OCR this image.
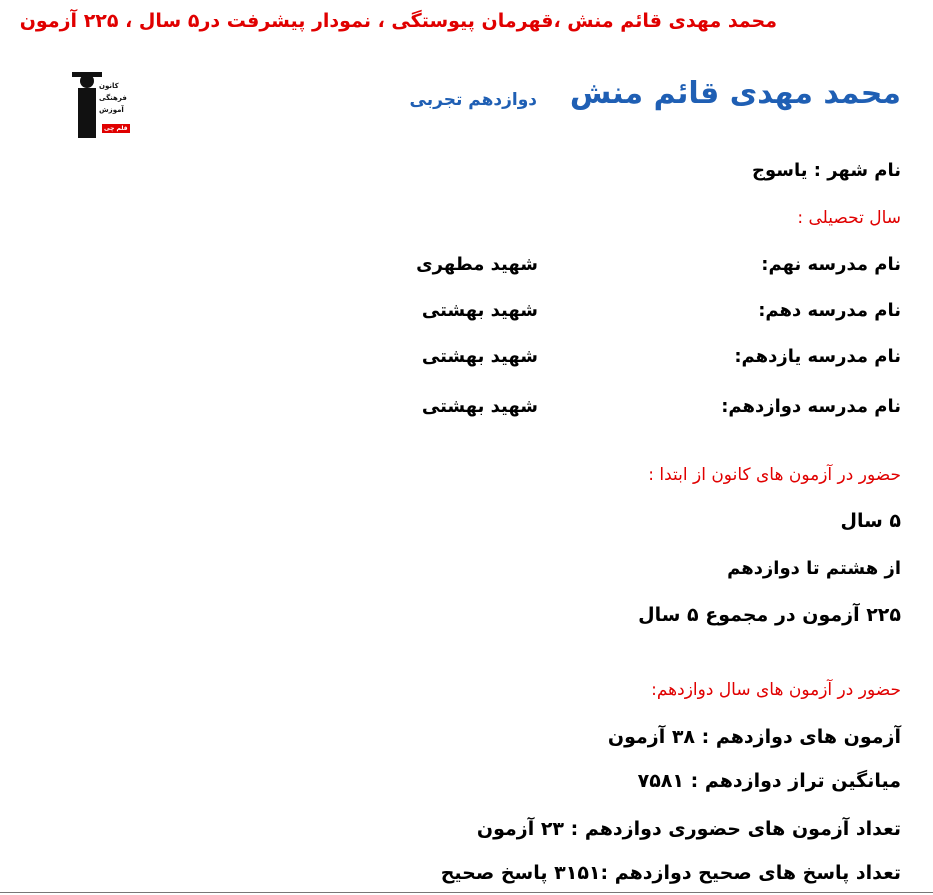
محمد مهدی قائم منش ،قهرمان پیوستگی ، نمودار پیشرفت در۵ سال ، ۲۲۵ آزمون
کانون
فرهنگی
آموزش
قلم چی
محمد مهدی قائم منش
دوازدهم تجربی
نام شهر : یاسوج
سال تحصیلی :
نام مدرسه نهم:
شهید مطهری
نام مدرسه دهم:
شهید بهشتی
نام مدرسه یازدهم:
شهید بهشتی
نام مدرسه دوازدهم:
شهید بهشتی
حضور در آزمون های کانون از ابتدا :
۵ سال
از هشتم تا دوازدهم
۲۲۵ آزمون در مجموع ۵ سال
حضور در آزمون های سال دوازدهم:
آزمون های دوازدهم : ۳۸ آزمون
میانگین تراز دوازدهم : ۷۵۸۱
تعداد آزمون های حضوری دوازدهم : ۲۳ آزمون
تعداد پاسخ های صحیح دوازدهم :۳۱۵۱ پاسخ صحیح
